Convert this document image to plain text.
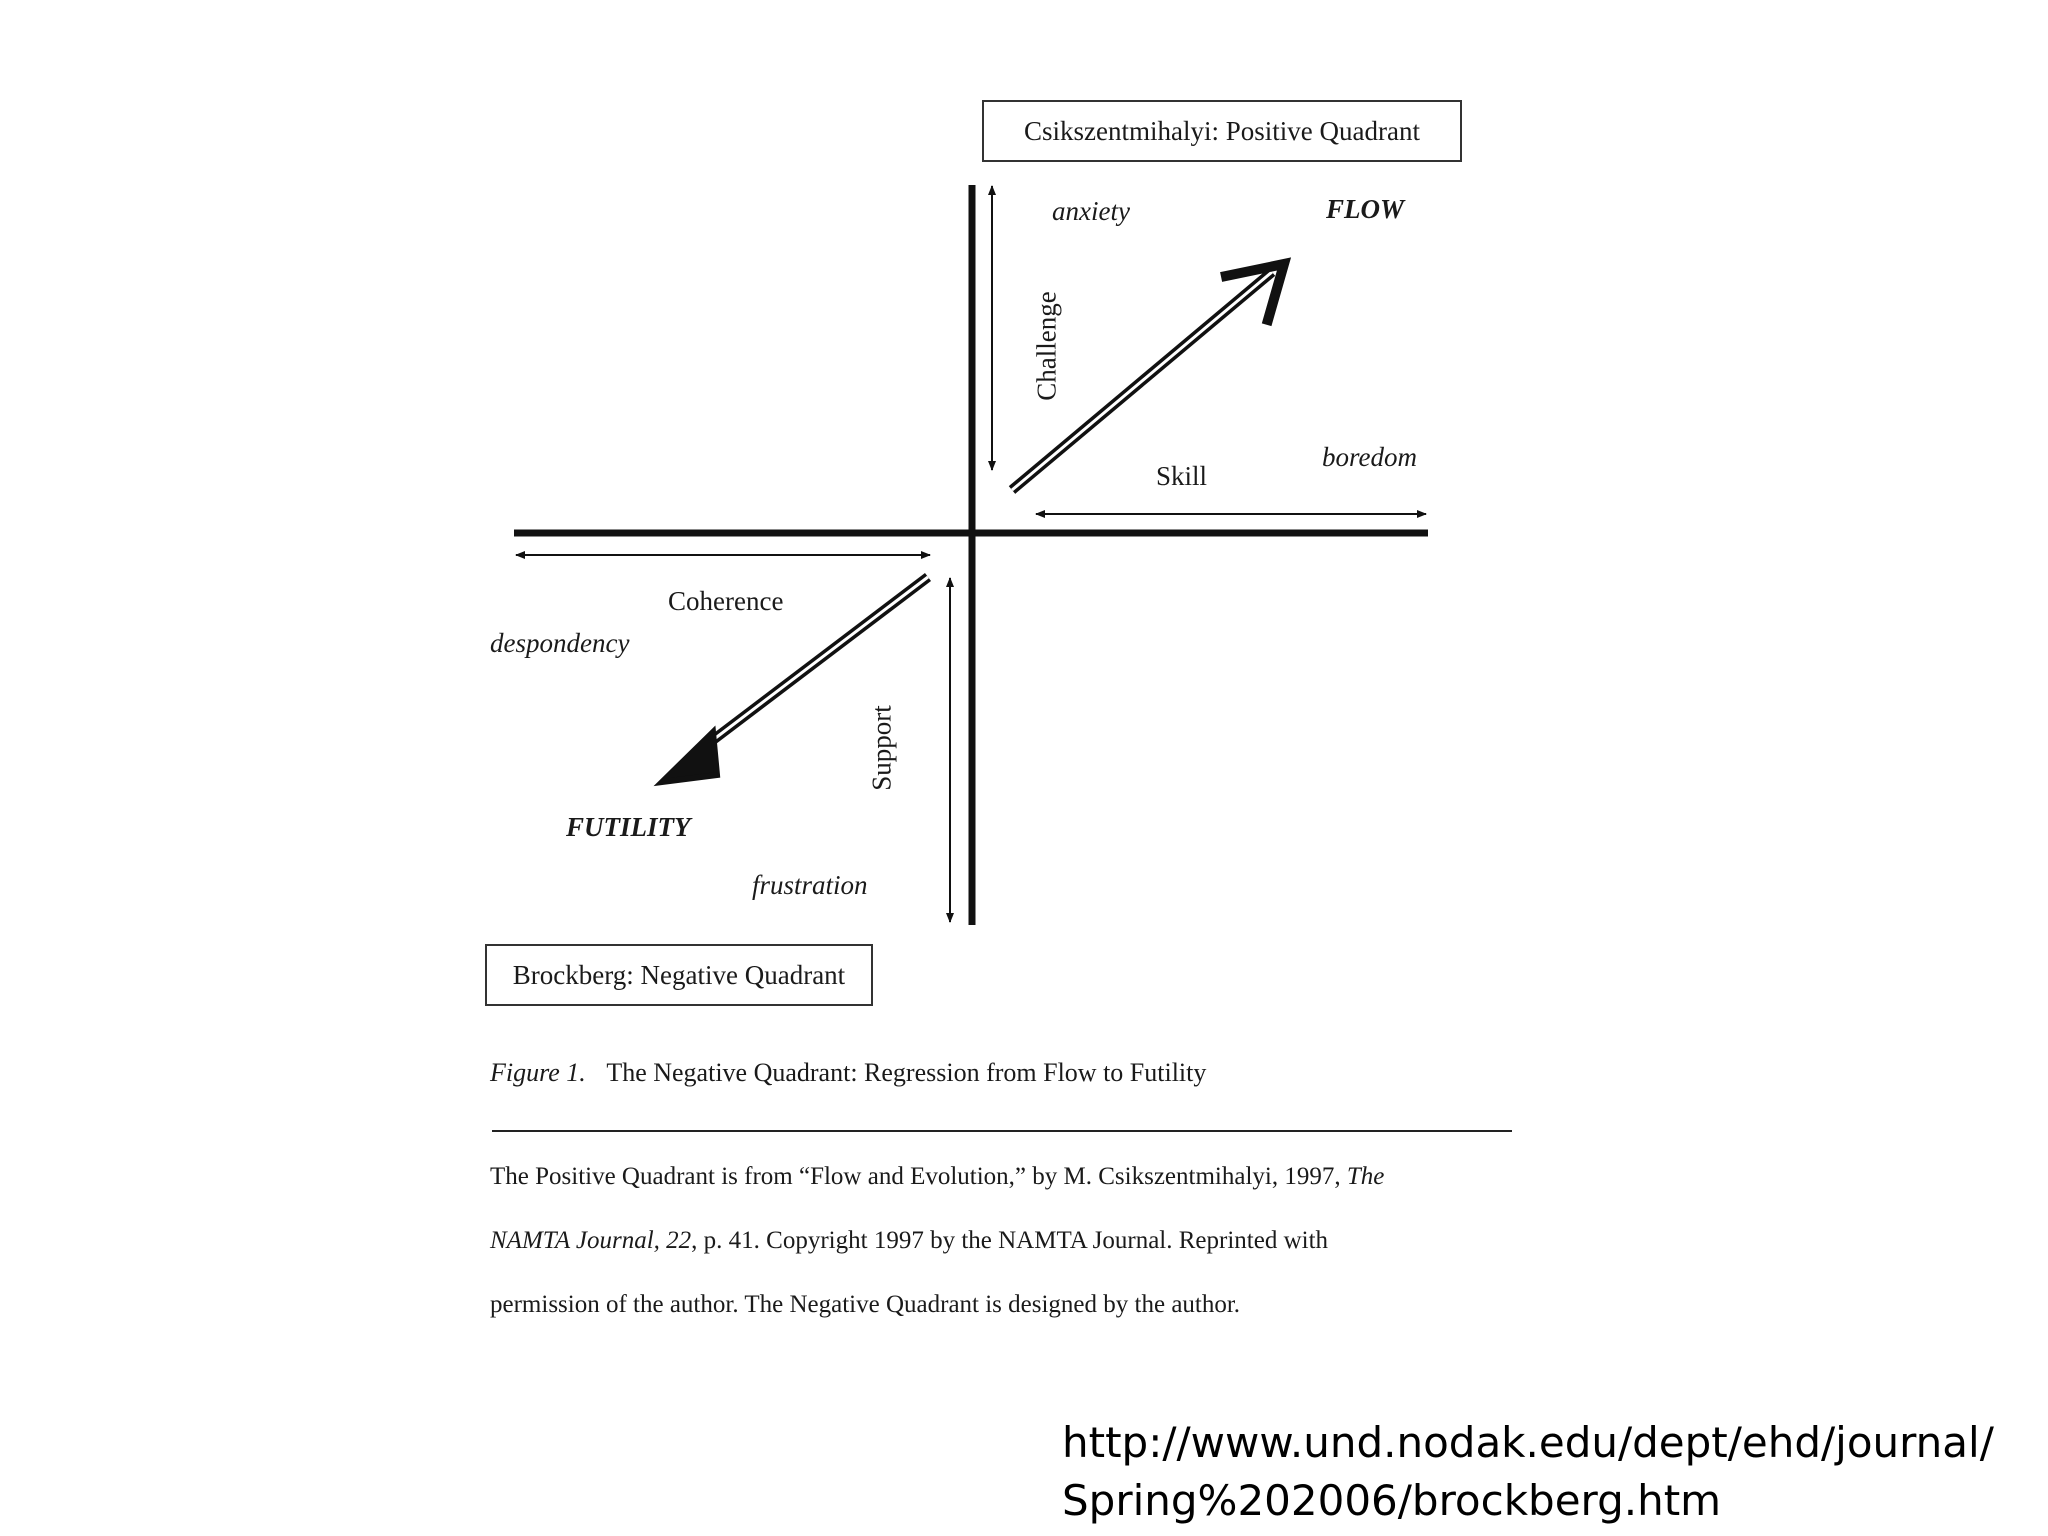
Csikszentmihalyi: Positive Quadrant
Brockberg: Negative Quadrant
anxiety	FLOW
Challenge
Skill
boredom
Coherence
despondency
Support
FUTILITY
frustration
Figure 1. The Negative Quadrant: Regression from Flow to Futility
The Positive Quadrant is from “Flow and Evolution,” by M. Csikszentmihalyi, 1997, The
NAMTA Journal, 22, p. 41. Copyright 1997 by the NAMTA Journal. Reprinted with
permission of the author. The Negative Quadrant is designed by the author.
http://www.und.nodak.edu/dept/ehd/journal/
Spring%202006/brockberg.htm
